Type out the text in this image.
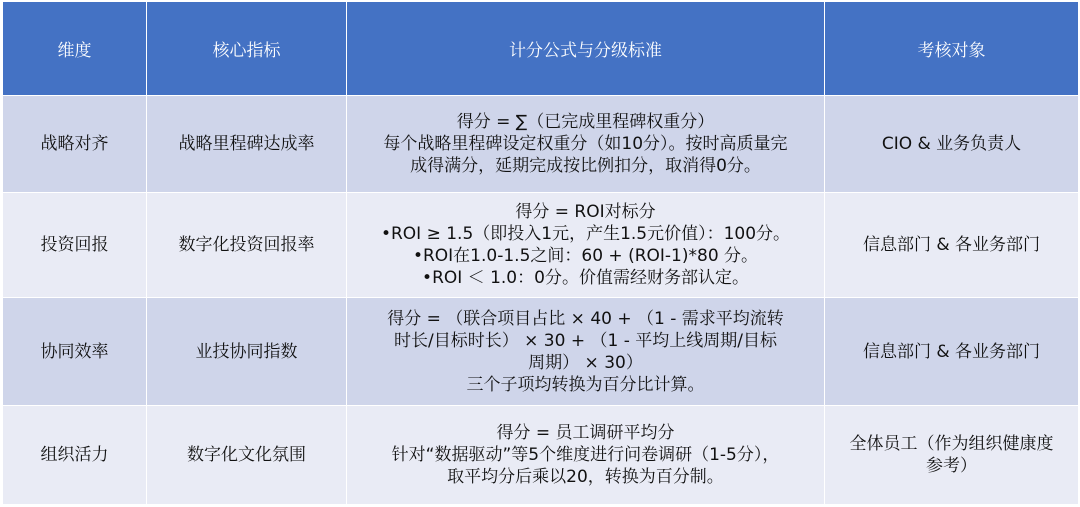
维度	核心指标	计分公式与分级标准	考核对象
战略对齐	战略里程碑达成率	得分 = ∑（已完成里程碑权重分）
每个战略里程碑设定权重分（如10分）。按时高质量完
成得满分，延期完成按比例扣分，取消得0分。	CIO & 业务负责人

投资回报	数字化投资回报率	得分 = ROI对标分
•ROI ≥ 1.5（即投入1元，产生1.5元价值）：100分。
•ROI在1.0-1.5之间：60 + (ROI-1)*80 分。
•ROI ＜ 1.0：0分。价值需经财务部认定。	信息部门 & 各业务部门

协同效率	业技协同指数	得分 = （联合项目占比 × 40 + （1 - 需求平均流转
时长/目标时长） × 30 + （1 - 平均上线周期/目标
周期） × 30）
三个子项均转换为百分比计算。	信息部门 & 各业务部门

组织活力	数字化文化氛围	得分 = 员工调研平均分
针对“数据驱动”等5个维度进行问卷调研（1-5分），
取平均分后乘以20，转换为百分制。	全体员工（作为组织健康度
参考）
